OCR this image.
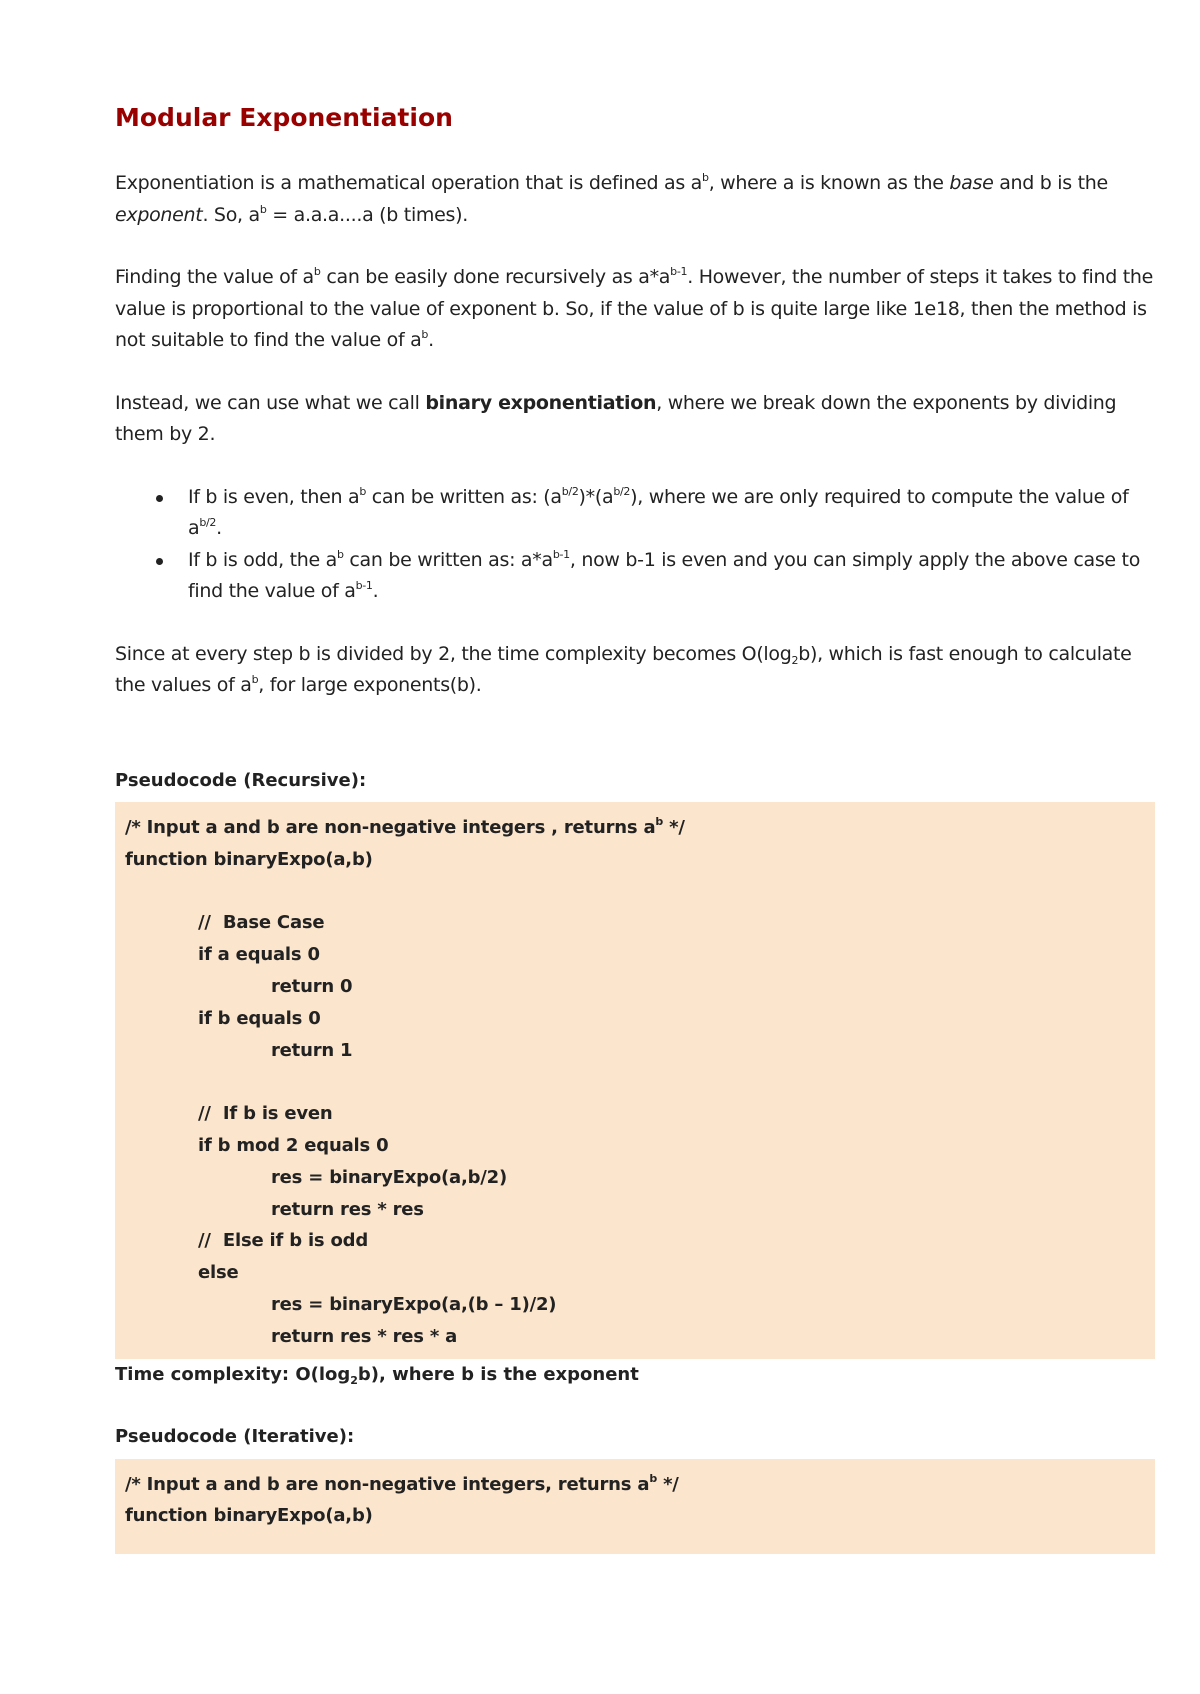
Modular Exponentiation

Exponentiation is a mathematical operation that is defined as $a^b$, where a is known as the base and b is the exponent. So, $a^b = a.a.a....a$ (b times).

Finding the value of $a^b$ can be easily done recursively as $a*a^{b-1}$. However, the number of steps it takes to find the value is proportional to the value of exponent b. So, if the value of b is quite large like 1e18, then the method is not suitable to find the value of $a^b$.

Instead, we can use what we call binary exponentiation, where we break down the exponents by dividing them by 2.

If b is even, then $a^b$ can be written as: $(a^{b/2})*(a^{b/2})$, where we are only required to compute the value of $a^{b/2}$.
If b is odd, the $a^b$ can be written as: $a*a^{b-1}$, now b-1 is even and you can simply apply the above case to find the value of $a^{b-1}$.

Since at every step b is divided by 2, the time complexity becomes $O(\log_2b)$, which is fast enough to calculate the values of $a^b$, for large exponents(b).

Pseudocode (Recursive):

/* Input a and b are non-negative integers , returns $a^b$ */
function binaryExpo(a,b)
//  Base Case
if a equals 0
return 0
if b equals 0
return 1
//  If b is even
if b mod 2 equals 0
res = binaryExpo(a,b/2)
return res * res
//  Else if b is odd
else
res = binaryExpo(a,(b – 1)/2)
return res * res * a

Time complexity: $O(\log_2b)$, where b is the exponent

Pseudocode (Iterative):

/* Input a and b are non-negative integers, returns $a^b$ */
function binaryExpo(a,b)
